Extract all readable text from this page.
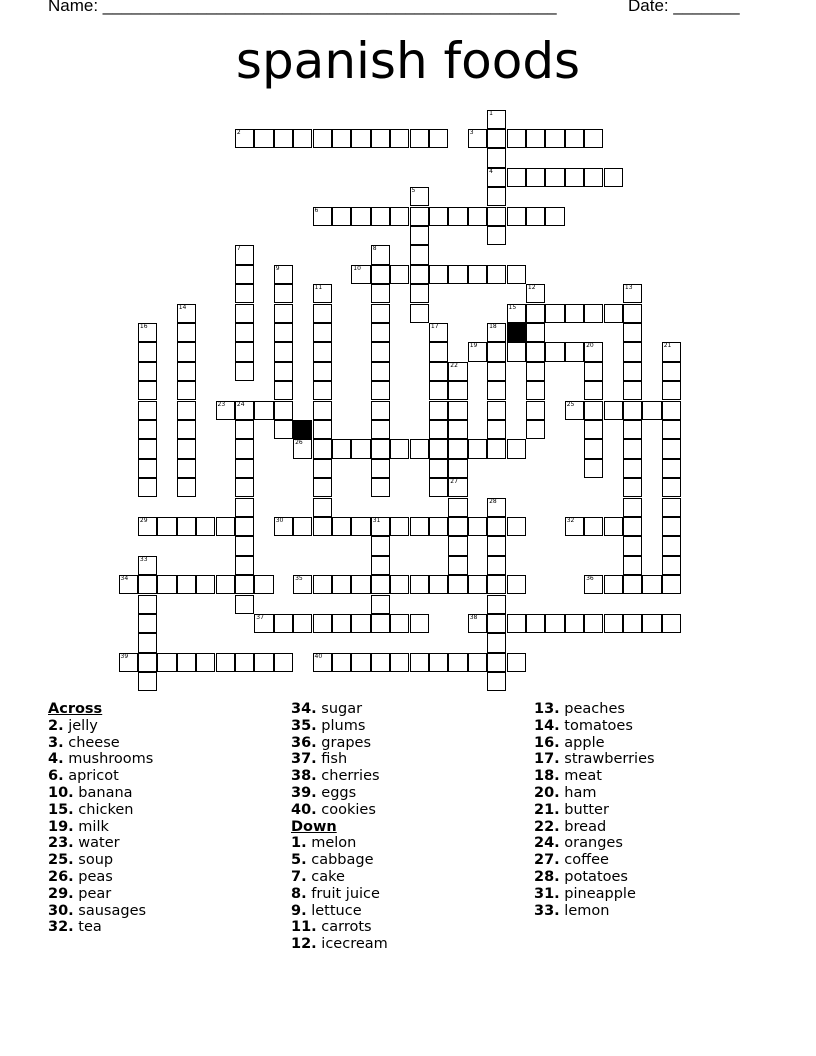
Name: ________________________________________________	Date: _______
spanish foods
1
4
2	3
5
6
7	8
9	10
11	12	13
14	15
16	17	18
19	20	21
22
27
23 24	25
26
28
29	30	31	32
33
34	35	36
37	38
39	40
Across
2. jelly
3. cheese
4. mushrooms
6. apricot
10. banana
15. chicken
19. milk
23. water
25. soup
26. peas
29. pear
30. sausages
32. tea
34. sugar
35. plums
36. grapes
37. fish
38. cherries
39. eggs
40. cookies
Down
1. melon
5. cabbage
7. cake
8. fruit juice
9. lettuce
11. carrots
12. icecream
13. peaches
14. tomatoes
16. apple
17. strawberries
18. meat
20. ham
21. butter
22. bread
24. oranges
27. coffee
28. potatoes
31. pineapple
33. lemon
